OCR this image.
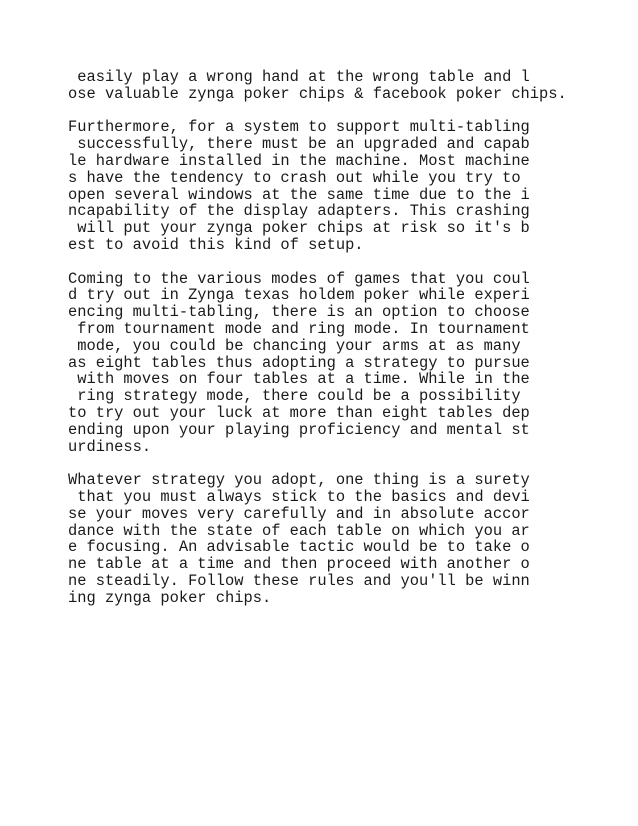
easily play a wrong hand at the wrong table and l
ose valuable zynga poker chips & facebook poker chips.

Furthermore, for a system to support multi-tabling
successfully, there must be an upgraded and capab
le hardware installed in the machine. Most machine
s have the tendency to crash out while you try to
open several windows at the same time due to the i
ncapability of the display adapters. This crashing
will put your zynga poker chips at risk so it's b
est to avoid this kind of setup.

Coming to the various modes of games that you coul
d try out in Zynga texas holdem poker while experi
encing multi-tabling, there is an option to choose
from tournament mode and ring mode. In tournament
mode, you could be chancing your arms at as many
as eight tables thus adopting a strategy to pursue
with moves on four tables at a time. While in the
ring strategy mode, there could be a possibility
to try out your luck at more than eight tables dep
ending upon your playing proficiency and mental st
urdiness.

Whatever strategy you adopt, one thing is a surety
that you must always stick to the basics and devi
se your moves very carefully and in absolute accor
dance with the state of each table on which you ar
e focusing. An advisable tactic would be to take o
ne table at a time and then proceed with another o
ne steadily. Follow these rules and you'll be winn
ing zynga poker chips.
